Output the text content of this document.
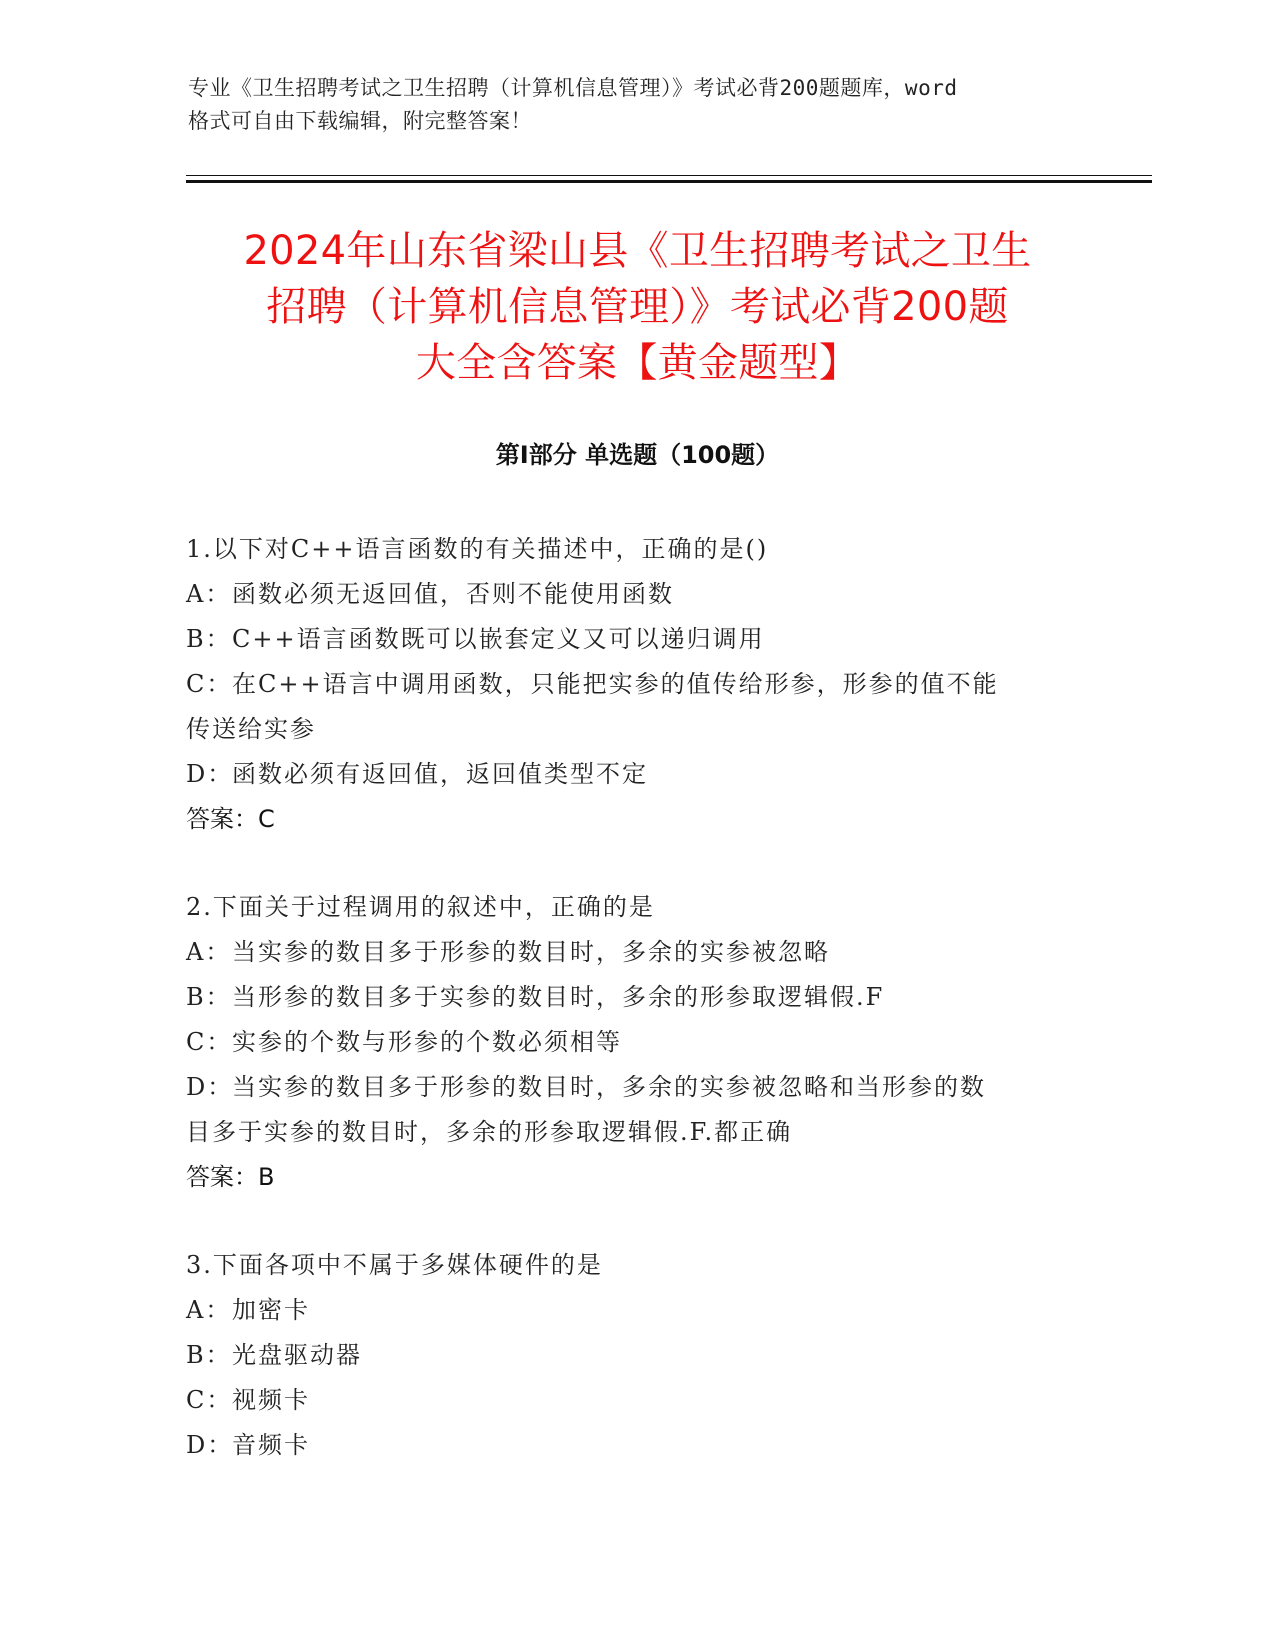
专业《卫生招聘考试之卫生招聘（计算机信息管理）》考试必背200题题库，word
格式可自由下载编辑，附完整答案！
2024年山东省梁山县《卫生招聘考试之卫生
招聘（计算机信息管理）》考试必背200题
大全含答案【黄金题型】
第Ⅰ部分 单选题（100题）
1.以下对C++语言函数的有关描述中，正确的是()
A：函数必须无返回值，否则不能使用函数
B：C++语言函数既可以嵌套定义又可以递归调用
C：在C++语言中调用函数，只能把实参的值传给形参，形参的值不能
传送给实参
D：函数必须有返回值，返回值类型不定
答案：C
2.下面关于过程调用的叙述中，正确的是
A：当实参的数目多于形参的数目时，多余的实参被忽略
B：当形参的数目多于实参的数目时，多余的形参取逻辑假.F
C：实参的个数与形参的个数必须相等
D：当实参的数目多于形参的数目时，多余的实参被忽略和当形参的数
目多于实参的数目时，多余的形参取逻辑假.F.都正确
答案：B
3.下面各项中不属于多媒体硬件的是
A：加密卡
B：光盘驱动器
C：视频卡
D：音频卡
